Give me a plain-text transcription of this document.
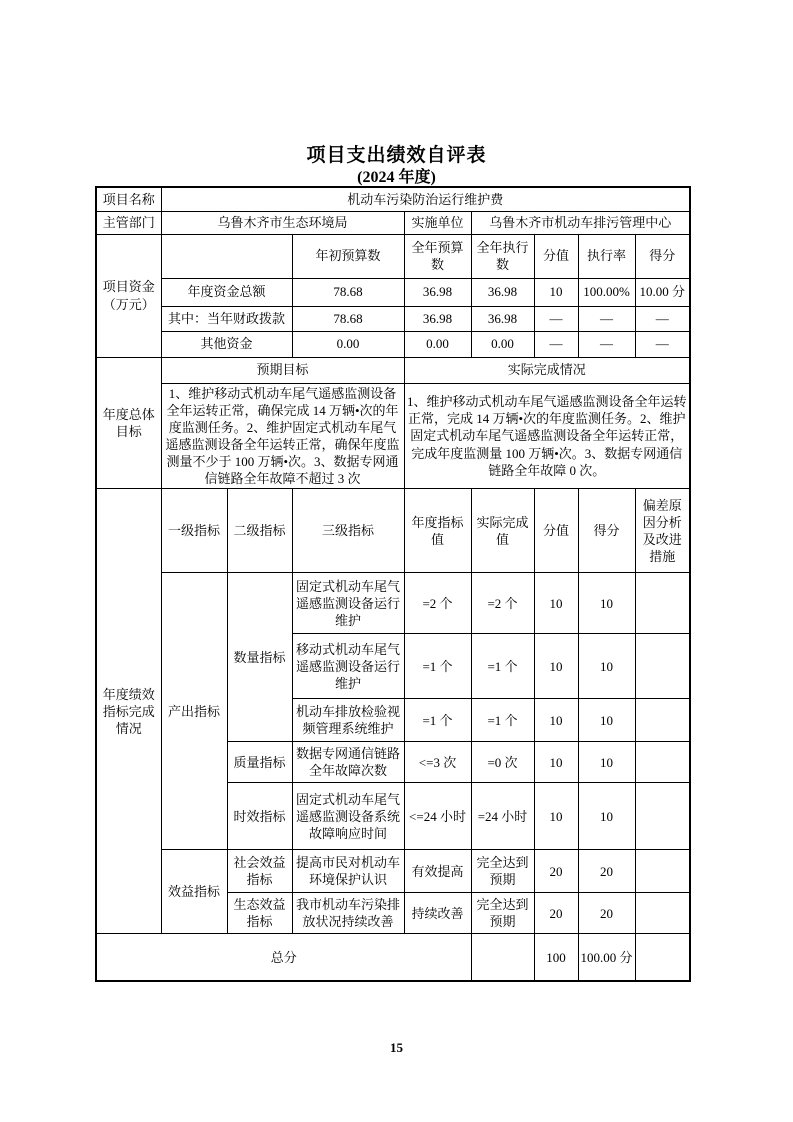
项目支出绩效自评表
(2024 年度)
项目名称	机动车污染防治运行维护费							
主管部门	乌鲁木齐市生态环境局			实施单位	乌鲁木齐市机动车排污管理中心			
项目资金（万元）			年初预算数	全年预算数	全年执行数	分值	执行率	得分
	年度资金总额		78.68	36.98	36.98	10	100.00%	10.00 分
	其中：当年财政拨款		78.68	36.98	36.98	—	—	—
	其他资金		0.00	0.00	0.00	—	—	—
年度总体目标	预期目标			实际完成情况				
	1、维护移动式机动车尾气遥感监测设备全年运转正常，确保完成 14 万辆•次的年度监测任务。2、维护固定式机动车尾气遥感监测设备全年运转正常，确保年度监测量不少于 100 万辆•次。3、数据专网通信链路全年故障不超过 3 次			1、维护移动式机动车尾气遥感监测设备全年运转正常，完成 14 万辆•次的年度监测任务。2、维护固定式机动车尾气遥感监测设备全年运转正常，完成年度监测量 100 万辆•次。3、数据专网通信链路全年故障 0 次。				
年度绩效指标完成情况	一级指标	二级指标	三级指标	年度指标值	实际完成值	分值	得分	偏差原因分析及改进措施
	产出指标	数量指标	固定式机动车尾气遥感监测设备运行维护	=2 个	=2 个	10	10	
			移动式机动车尾气遥感监测设备运行维护	=1 个	=1 个	10	10	
			机动车排放检验视频管理系统维护	=1 个	=1 个	10	10	
		质量指标	数据专网通信链路全年故障次数	<=3 次	=0 次	10	10	
		时效指标	固定式机动车尾气遥感监测设备系统故障响应时间	<=24 小时	=24 小时	10	10	
	效益指标	社会效益指标	提高市民对机动车环境保护认识	有效提高	完全达到预期	20	20	
		生态效益指标	我市机动车污染排放状况持续改善	持续改善	完全达到预期	20	20	
总分						100	100.00 分	
15
